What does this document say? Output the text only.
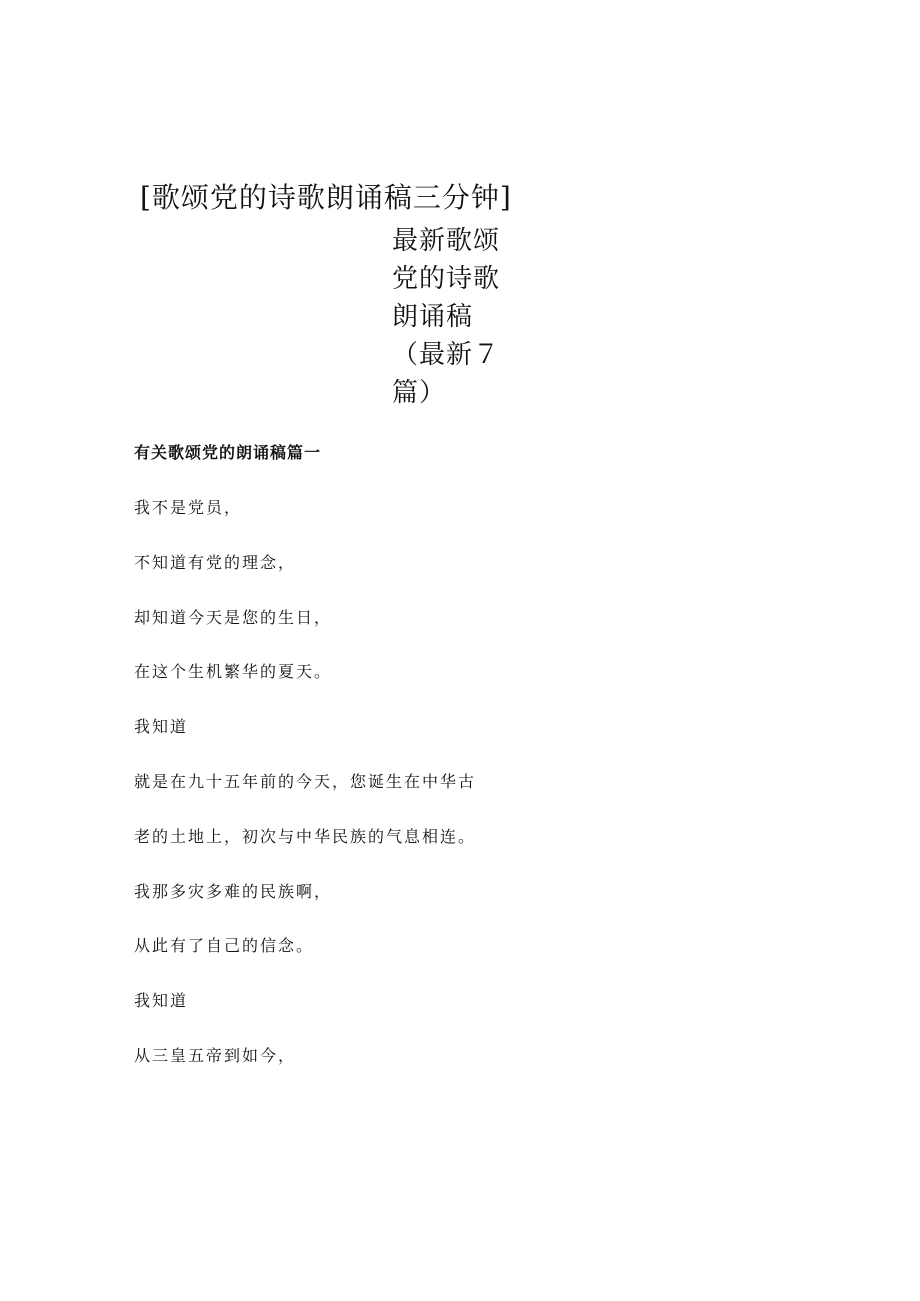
[歌颂党的诗歌朗诵稿三分钟]
最新歌颂
党的诗歌
朗诵稿
（最新７
篇）
有关歌颂党的朗诵稿篇一
我不是党员，
不知道有党的理念，
却知道今天是您的生日，
在这个生机繁华的夏天。
我知道
就是在九十五年前的今天，您诞生在中华古
老的土地上，初次与中华民族的气息相连。
我那多灾多难的民族啊，
从此有了自己的信念。
我知道
从三皇五帝到如今，
